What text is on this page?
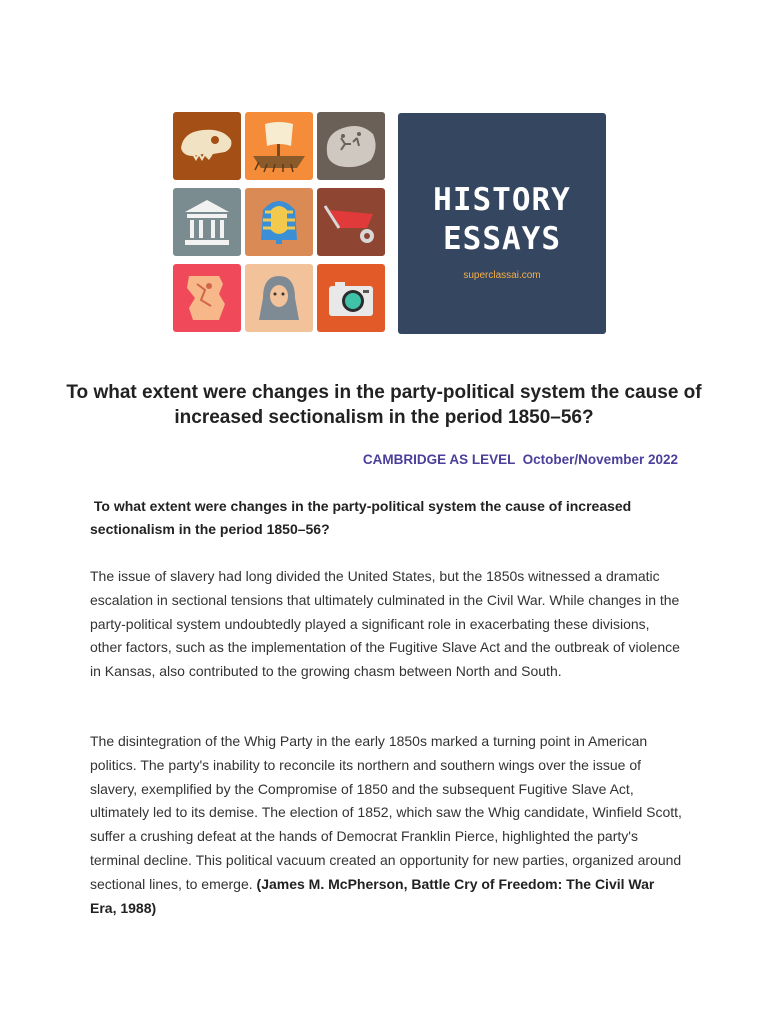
HISTORY
ESSAYS
superclassai.com
To what extent were changes in the party-political system the cause of increased sectionalism in the period 1850–56?
CAMBRIDGE AS LEVEL  October/November 2022
To what extent were changes in the party-political system the cause of increased sectionalism in the period 1850–56?
The issue of slavery had long divided the United States, but the 1850s witnessed a dramatic escalation in sectional tensions that ultimately culminated in the Civil War. While changes in the party-political system undoubtedly played a significant role in exacerbating these divisions, other factors, such as the implementation of the Fugitive Slave Act and the outbreak of violence in Kansas, also contributed to the growing chasm between North and South.
The disintegration of the Whig Party in the early 1850s marked a turning point in American politics. The party's inability to reconcile its northern and southern wings over the issue of slavery, exemplified by the Compromise of 1850 and the subsequent Fugitive Slave Act, ultimately led to its demise. The election of 1852, which saw the Whig candidate, Winfield Scott, suffer a crushing defeat at the hands of Democrat Franklin Pierce, highlighted the party's terminal decline. This political vacuum created an opportunity for new parties, organized around sectional lines, to emerge. (James M. McPherson, Battle Cry of Freedom: The Civil War Era, 1988)
